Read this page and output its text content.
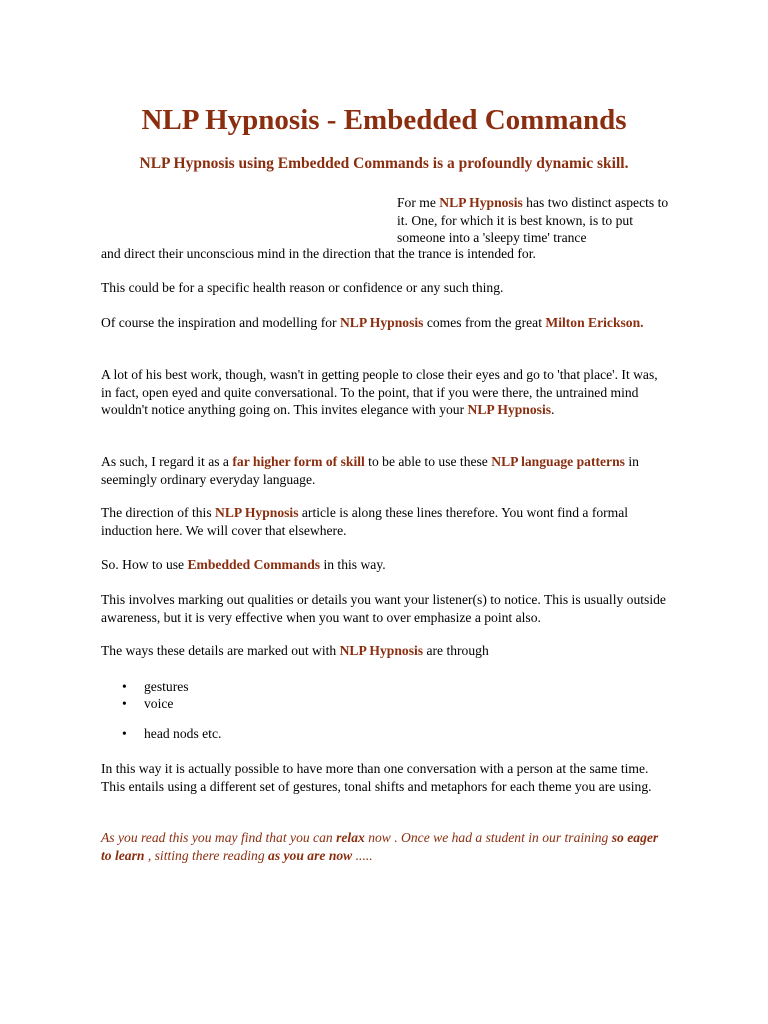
NLP Hypnosis - Embedded Commands
NLP Hypnosis using Embedded Commands is a profoundly dynamic skill.

For me NLP Hypnosis has two distinct aspects to it. One, for which it is best known, is to put someone into a 'sleepy time' trance

and direct their unconscious mind in the direction that the trance is intended for.

This could be for a specific health reason or confidence or any such thing.

Of course the inspiration and modelling for NLP Hypnosis comes from the great Milton Erickson.

A lot of his best work, though, wasn't in getting people to close their eyes and go to 'that place'. It was, in fact, open eyed and quite conversational. To the point, that if you were there, the untrained mind wouldn't notice anything going on. This invites elegance with your NLP Hypnosis.

As such, I regard it as a far higher form of skill to be able to use these NLP language patterns in seemingly ordinary everyday language.

The direction of this NLP Hypnosis article is along these lines therefore. You wont find a formal induction here. We will cover that elsewhere.

So. How to use Embedded Commands in this way.

This involves marking out qualities or details you want your listener(s) to notice. This is usually outside awareness, but it is very effective when you want to over emphasize a point also.

The ways these details are marked out with NLP Hypnosis are through

• gestures
• voice
• head nods etc.

In this way it is actually possible to have more than one conversation with a person at the same time. This entails using a different set of gestures, tonal shifts and metaphors for each theme you are using.

As you read this you may find that you can relax now . Once we had a student in our training so eager to learn , sitting there reading as you are now .....
